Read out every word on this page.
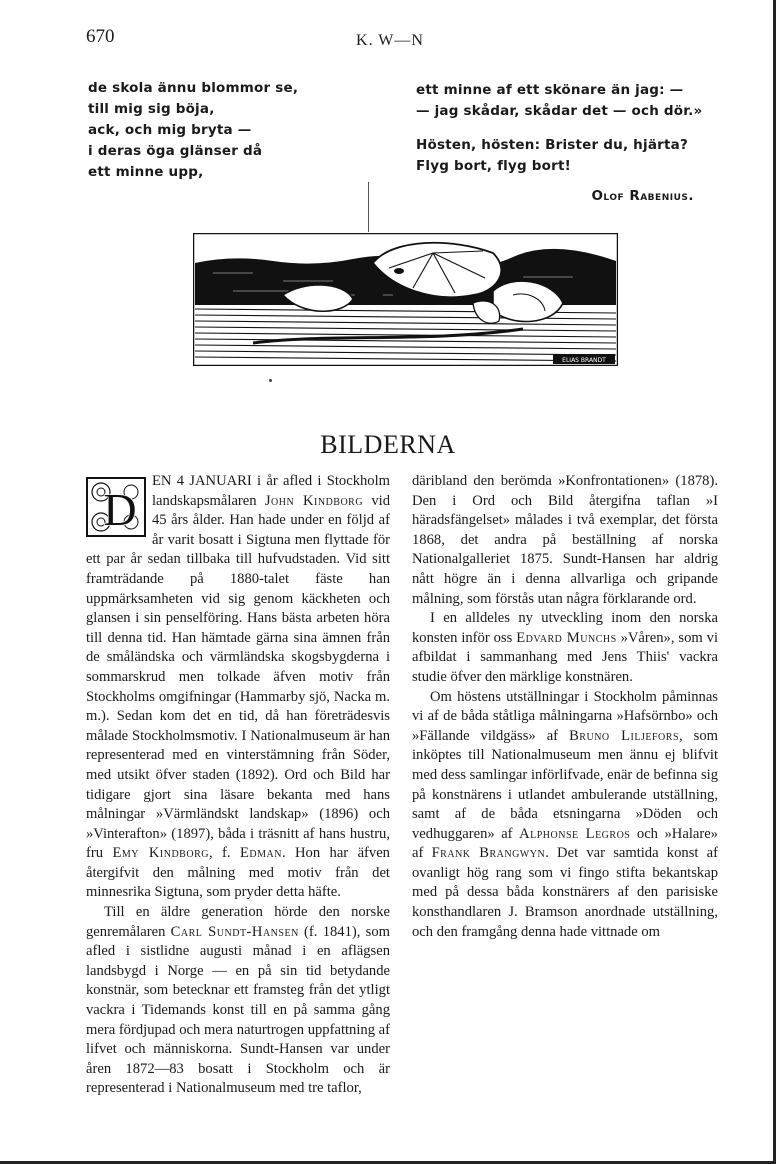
670	K. W—N
de skola ännu blommor se,
till mig sig böja,
ack, och mig bryta —
i deras öga glänser då
ett minne upp,
ett minne af ett skönare än jag: —
— jag skådar, skådar det — och dör.»
Hösten, hösten: Brister du, hjärta?
Flyg bort, flyg bort!
Olof Rabenius.
ELIAS BRANDT
BILDERNA
D

EN 4 JANUARI i år afled i Stockholm landskapsmålaren John Kindborg vid 45 års ålder. Han hade under en följd af år varit bosatt i Sigtuna men flyttade för ett par år sedan tillbaka till hufvudstaden. Vid sitt framträdande på 1880-talet fäste han uppmärksamheten vid sig genom käckheten och glansen i sin penselföring. Hans bästa arbeten höra till denna tid. Han hämtade gärna sina ämnen från de småländska och värmländska skogsbygderna i sommarskrud men tolkade äfven motiv från Stockholms omgifningar (Hammarby sjö, Nacka m. m.). Sedan kom det en tid, då han företrädesvis målade Stockholmsmotiv. I Nationalmuseum är han representerad med en vinterstämning från Söder, med utsikt öfver staden (1892). Ord och Bild har tidigare gjort sina läsare bekanta med hans målningar »Värmländskt landskap» (1896) och »Vinterafton» (1897), båda i träsnitt af hans hustru, fru Emy Kindborg, f. Edman. Hon har äfven återgifvit den målning med motiv från det minnesrika Sigtuna, som pryder detta häfte.

Till en äldre generation hörde den norske genremålaren Carl Sundt-Hansen (f. 1841), som afled i sistlidne augusti månad i en aflägsen landsbygd i Norge — en på sin tid betydande konstnär, som betecknar ett framsteg från det ytligt vackra i Tidemands konst till en på samma gång mera fördjupad och mera naturtrogen uppfattning af lifvet och människorna. Sundt-Hansen var under åren 1872—83 bosatt i Stockholm och är representerad i Nationalmuseum med tre taflor,

däribland den berömda »Konfrontationen» (1878). Den i Ord och Bild återgifna taflan »I häradsfängelset» målades i två exemplar, det första 1868, det andra på beställning af norska Nationalgalleriet 1875. Sundt-Hansen har aldrig nått högre än i denna allvarliga och gripande målning, som förstås utan några förklarande ord.

I en alldeles ny utveckling inom den norska konsten inför oss Edvard Munchs »Våren», som vi afbildat i sammanhang med Jens Thiis' vackra studie öfver den märklige konstnären.

Om höstens utställningar i Stockholm påminnas vi af de båda ståtliga målningarna »Hafsörnbo» och »Fällande vildgäss» af Bruno Liljefors, som inköptes till Nationalmuseum men ännu ej blifvit med dess samlingar införlifvade, enär de befinna sig på konstnärens i utlandet ambulerande utställning, samt af de båda etsningarna »Döden och vedhuggaren» af Alphonse Legros och »Halare» af Frank Brangwyn. Det var samtida konst af ovanligt hög rang som vi fingo stifta bekantskap med på dessa båda konstnärers af den parisiske konsthandlaren J. Bramson anordnade utställning, och den framgång denna hade vittnade om
